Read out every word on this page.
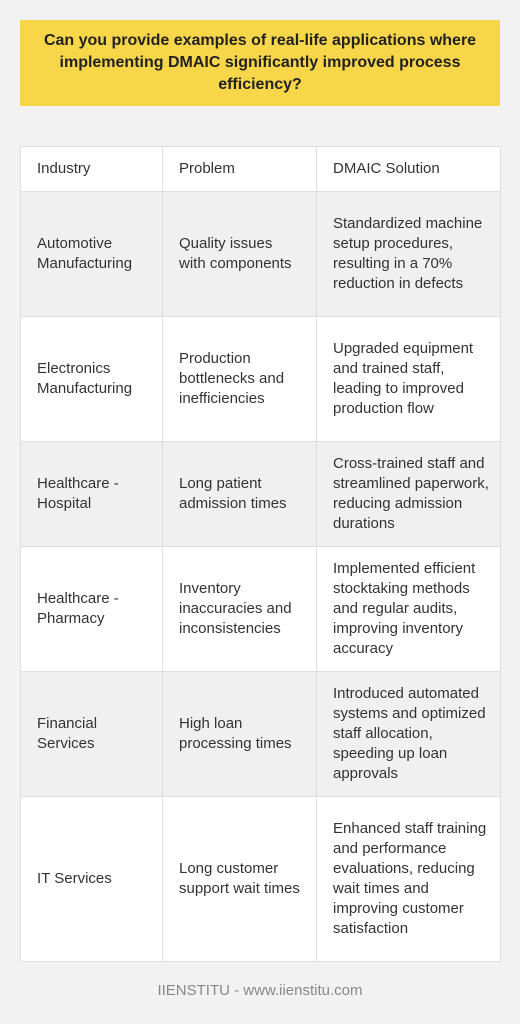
Can you provide examples of real-life applications where implementing DMAIC significantly improved process efficiency?
Industry	Problem	DMAIC Solution
Automotive Manufacturing	Quality issues with components	Standardized machine setup procedures, resulting in a 70% reduction in defects
Electronics Manufacturing	Production bottlenecks and inefficiencies	Upgraded equipment and trained staff, leading to improved production flow
Healthcare - Hospital	Long patient admission times	Cross-trained staff and streamlined paperwork, reducing admission durations
Healthcare - Pharmacy	Inventory inaccuracies and inconsistencies	Implemented efficient stocktaking methods and regular audits, improving inventory accuracy
Financial Services	High loan processing times	Introduced automated systems and optimized staff allocation, speeding up loan approvals
IT Services	Long customer support wait times	Enhanced staff training and performance evaluations, reducing wait times and improving customer satisfaction
IIENSTITU - www.iienstitu.com
